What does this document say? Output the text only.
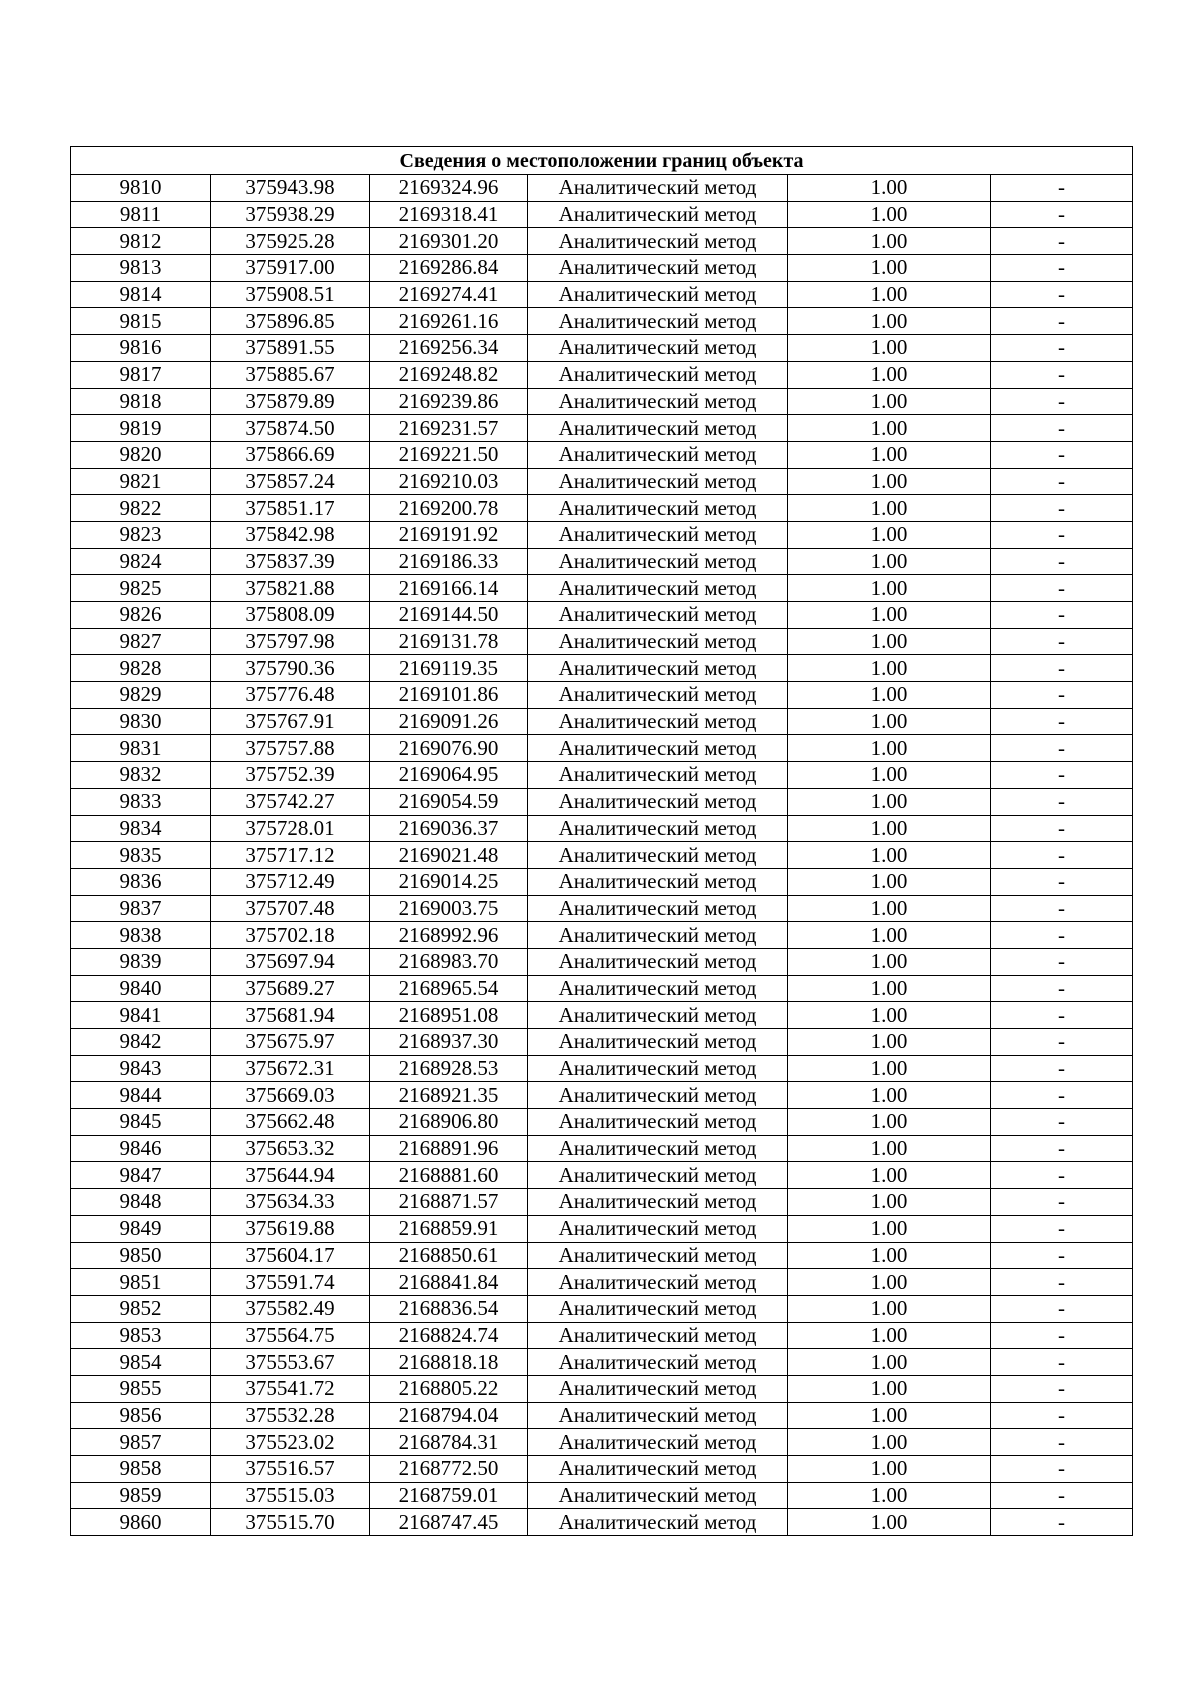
Сведения о местоположении границ объекта					
9810	375943.98	2169324.96	Аналитический метод	1.00	-
9811	375938.29	2169318.41	Аналитический метод	1.00	-
9812	375925.28	2169301.20	Аналитический метод	1.00	-
9813	375917.00	2169286.84	Аналитический метод	1.00	-
9814	375908.51	2169274.41	Аналитический метод	1.00	-
9815	375896.85	2169261.16	Аналитический метод	1.00	-
9816	375891.55	2169256.34	Аналитический метод	1.00	-
9817	375885.67	2169248.82	Аналитический метод	1.00	-
9818	375879.89	2169239.86	Аналитический метод	1.00	-
9819	375874.50	2169231.57	Аналитический метод	1.00	-
9820	375866.69	2169221.50	Аналитический метод	1.00	-
9821	375857.24	2169210.03	Аналитический метод	1.00	-
9822	375851.17	2169200.78	Аналитический метод	1.00	-
9823	375842.98	2169191.92	Аналитический метод	1.00	-
9824	375837.39	2169186.33	Аналитический метод	1.00	-
9825	375821.88	2169166.14	Аналитический метод	1.00	-
9826	375808.09	2169144.50	Аналитический метод	1.00	-
9827	375797.98	2169131.78	Аналитический метод	1.00	-
9828	375790.36	2169119.35	Аналитический метод	1.00	-
9829	375776.48	2169101.86	Аналитический метод	1.00	-
9830	375767.91	2169091.26	Аналитический метод	1.00	-
9831	375757.88	2169076.90	Аналитический метод	1.00	-
9832	375752.39	2169064.95	Аналитический метод	1.00	-
9833	375742.27	2169054.59	Аналитический метод	1.00	-
9834	375728.01	2169036.37	Аналитический метод	1.00	-
9835	375717.12	2169021.48	Аналитический метод	1.00	-
9836	375712.49	2169014.25	Аналитический метод	1.00	-
9837	375707.48	2169003.75	Аналитический метод	1.00	-
9838	375702.18	2168992.96	Аналитический метод	1.00	-
9839	375697.94	2168983.70	Аналитический метод	1.00	-
9840	375689.27	2168965.54	Аналитический метод	1.00	-
9841	375681.94	2168951.08	Аналитический метод	1.00	-
9842	375675.97	2168937.30	Аналитический метод	1.00	-
9843	375672.31	2168928.53	Аналитический метод	1.00	-
9844	375669.03	2168921.35	Аналитический метод	1.00	-
9845	375662.48	2168906.80	Аналитический метод	1.00	-
9846	375653.32	2168891.96	Аналитический метод	1.00	-
9847	375644.94	2168881.60	Аналитический метод	1.00	-
9848	375634.33	2168871.57	Аналитический метод	1.00	-
9849	375619.88	2168859.91	Аналитический метод	1.00	-
9850	375604.17	2168850.61	Аналитический метод	1.00	-
9851	375591.74	2168841.84	Аналитический метод	1.00	-
9852	375582.49	2168836.54	Аналитический метод	1.00	-
9853	375564.75	2168824.74	Аналитический метод	1.00	-
9854	375553.67	2168818.18	Аналитический метод	1.00	-
9855	375541.72	2168805.22	Аналитический метод	1.00	-
9856	375532.28	2168794.04	Аналитический метод	1.00	-
9857	375523.02	2168784.31	Аналитический метод	1.00	-
9858	375516.57	2168772.50	Аналитический метод	1.00	-
9859	375515.03	2168759.01	Аналитический метод	1.00	-
9860	375515.70	2168747.45	Аналитический метод	1.00	-
